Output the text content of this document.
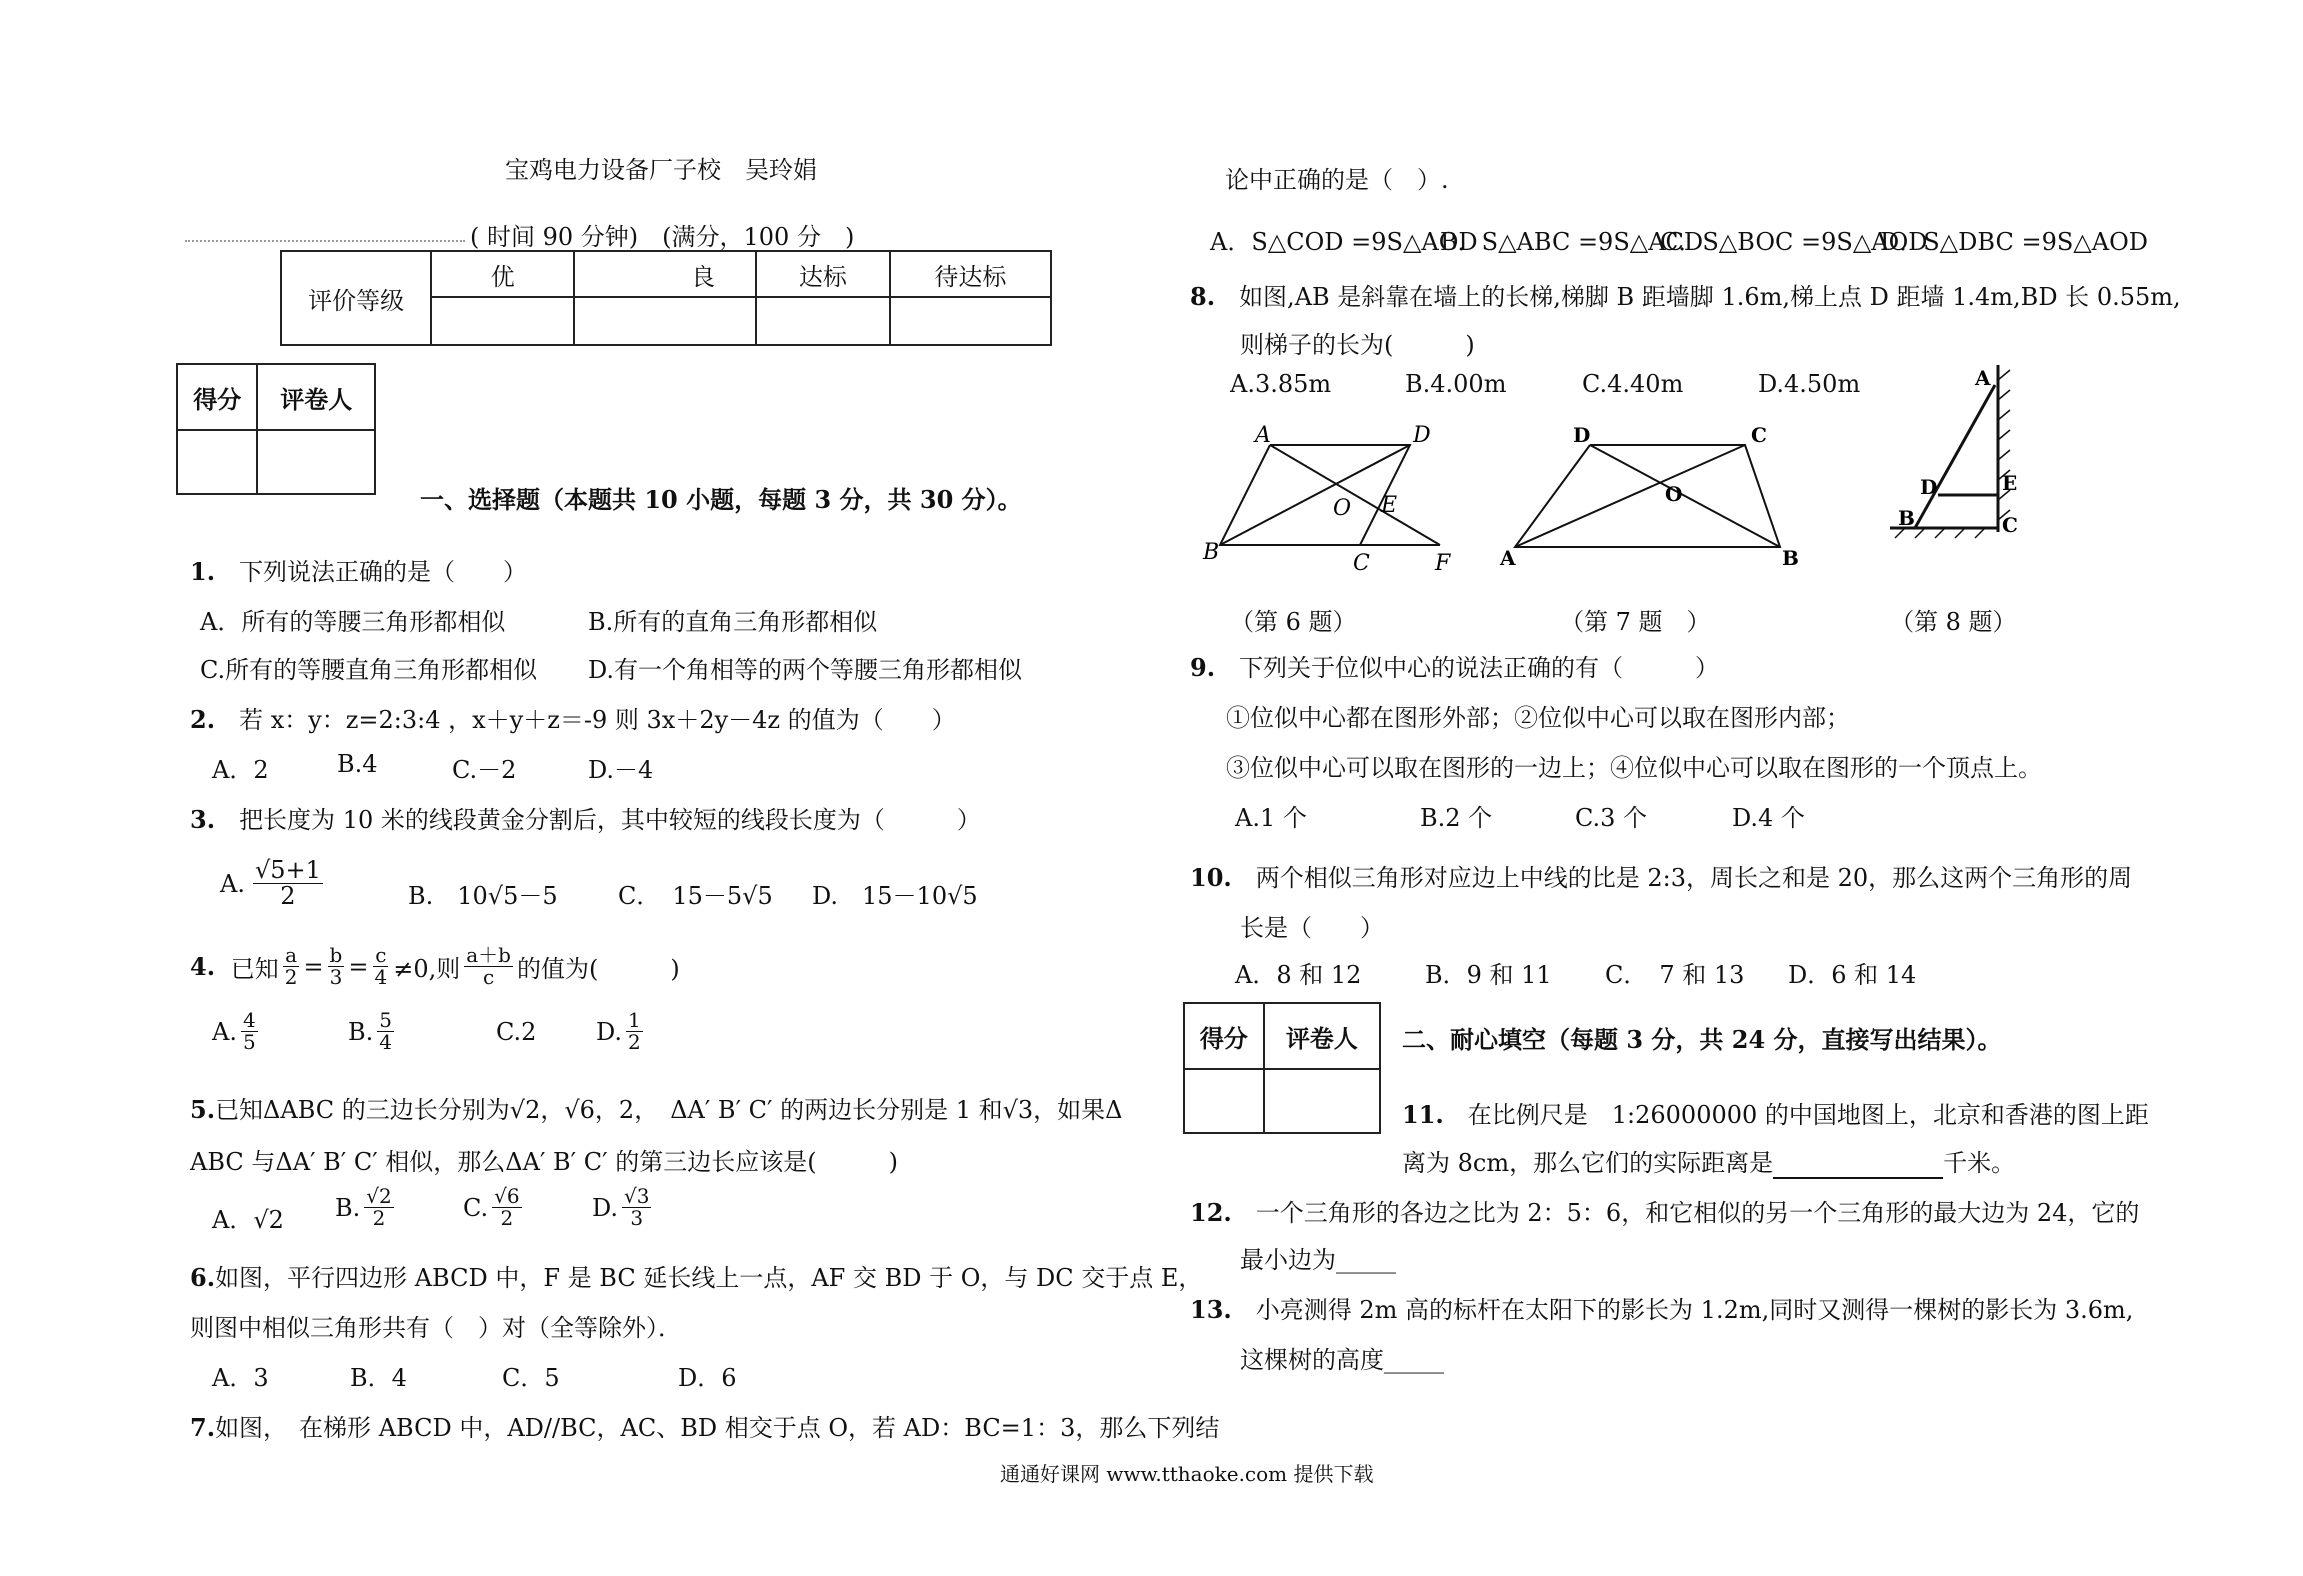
宝鸡电力设备厂子校　吴玲娟
( 时间 90 分钟)　(满分，100 分　)
评价等级	优	良	达标	待达标

得分	评卷人

一、选择题（本题共 10 小题，每题 3 分，共 30 分）。
1.　 下列说法正确的是（　　）
A．所有的等腰三角形都相似	B.所有的直角三角形都相似
C.所有的等腰直角三角形都相似 D.有一个角相等的两个等腰三角形都相似
2.　 若 x：y：z=2:3:4 ，x＋y＋z＝-9 则 3x＋2y－4z 的值为（　　）
A．2	B.4	C.－2	D.－4
3.　 把长度为 10 米的线段黄金分割后，其中较短的线段长度为（　　　）
A. $\frac{√5+1}{2}$	B.　10√5－5	C．　15－5√5 D.　15－10√5
4.
已知 $\frac{a}{2} = \frac{b}{3} = \frac{c}{4} \ne 0$,则 $\frac{a+b}{c}$ 的值为(　　　)
A. $\frac{4}{5}$	B. $\frac{5}{4}$	C.2 D. $\frac{1}{2}$
5.已知ΔABC 的三边长分别为√2，√6，2，　ΔA′ B′ C′ 的两边长分别是 1 和√3，如果Δ
ABC 与ΔA′ B′ C′ 相似，那么ΔA′ B′ C′ 的第三边长应该是(　　　)
A．√2 B. $\frac{√2}{2}$	C. $\frac{√6}{2}$	D. $\frac{√3}{3}$
6.如图，平行四边形 ABCD 中，F 是 BC 延长线上一点，AF 交 BD 于 O，与 DC 交于点 E，
则图中相似三角形共有（　）对（全等除外）．
A．3	B．4	C．5	D．6
7.如图，　在梯形 ABCD 中，AD//BC，AC、BD 相交于点 O，若 AD：BC=1：3，那么下列结
论中正确的是（　）.
A．S△COD =9S△AOD
B．S△ABC =9S△ACD
C．S△BOC =9S△AOD
D．S△DBC =9S△AOD
8.　 如图,AB 是斜靠在墙上的长梯,梯脚 B 距墙脚 1.6m,梯上点 D 距墙 1.4m,BD 长 0.55m,
则梯子的长为(　　　)
A.3.85m	B.4.00m	C.4.40m	D.4.50m
A	D
B	C	F
O E
D	C
A	B
O
A
D	E
B	C
（第 6 题）	（第 7 题　）	（第 8 题）
9.　 下列关于位似中心的说法正确的有（　　　）
①位似中心都在图形外部；②位似中心可以取在图形内部；
③位似中心可以取在图形的一边上；④位似中心可以取在图形的一个顶点上。
A.1 个	B.2 个	C.3 个	D.4 个
10.　 两个相似三角形对应边上中线的比是 2:3，周长之和是 20，那么这两个三角形的周
长是（　　）
A．8 和 12	B．9 和 11 C．　7 和 13 D．6 和 14
得分	评卷人
	二、耐心填空（每题 3 分，共 24 分，直接写出结果）。
11.　 在比例尺是　1:26000000 的中国地图上，北京和香港的图上距
离为 8cm，那么它们的实际距离是	千米。
12.　 一个三角形的各边之比为 2：5：6，和它相似的另一个三角形的最大边为 24，它的
最小边为_____
13.　 小亮测得 2m 高的标杆在太阳下的影长为 1.2m,同时又测得一棵树的影长为 3.6m,
这棵树的高度_____
通通好课网 www.tthaoke.com 提供下载
